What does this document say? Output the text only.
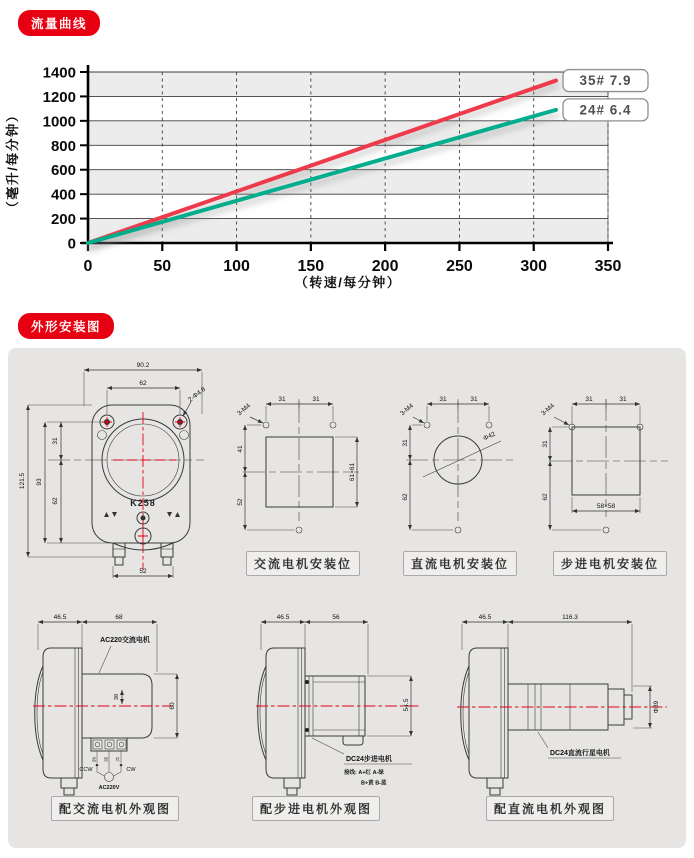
流量曲线
（转速/每分钟）
（毫升/每分钟）
0	50	100	150	200	250	300	350
0
200
400
600
800
1000
1200
1400	35# 7.9
24# 6.4
外形安装图
K258
90.2
62
2-Φ4.8
121.5 93
31
62
52
31	31
3-M4
41
52
61×61
31	31
3-M4
31
62
Φ42
31	31
3-M4
31
62
58×58
46.5	68
AC220交流电机
38
60
蓝 黑 红
CCW	CW
AC220V
46.5	56
54.5
DC24步进电机
接线: A+红 A-绿
B+黄 B-蓝
46.5	116.3
Φ39
DC24直流行星电机
交流电机安装位	直流电机安装位	步进电机安装位
配交流电机外观图	配步进电机外观图	配直流电机外观图
